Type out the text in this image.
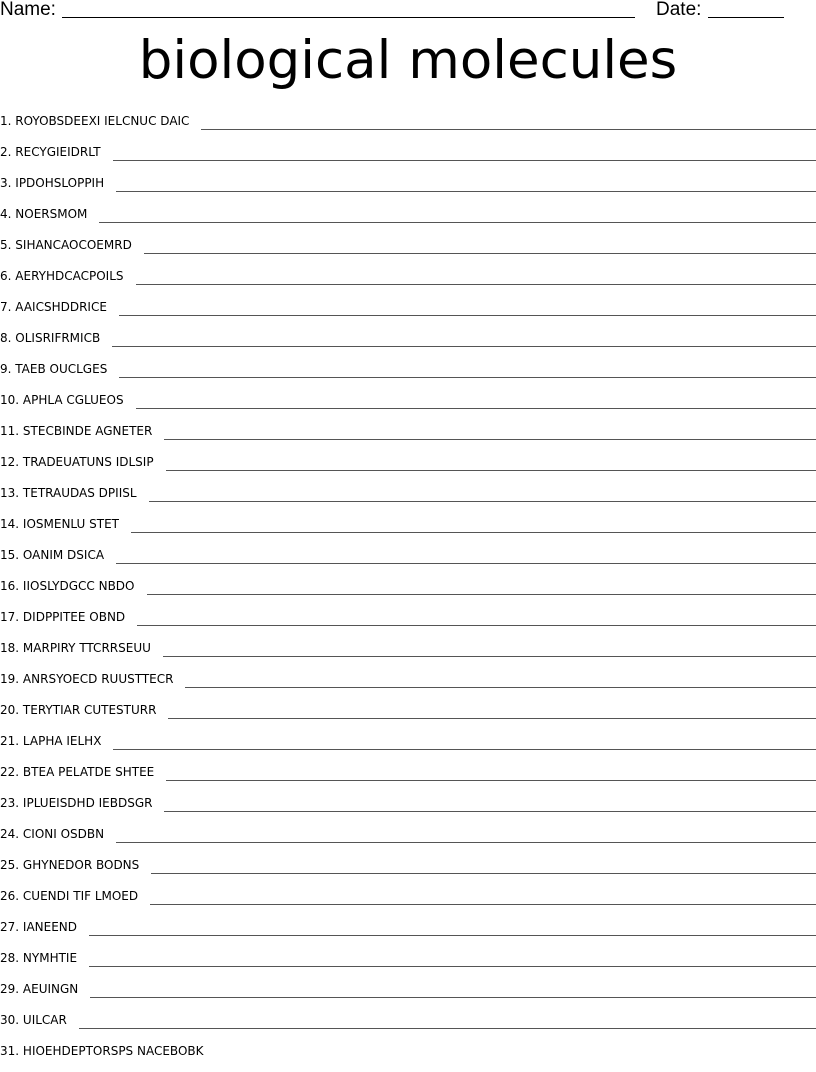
Name:	Date:
biological molecules
1. ROYOBSDEEXI IELCNUC DAIC
2. RECYGIEIDRLT
3. IPDOHSLOPPIH
4. NOERSMOM
5. SIHANCAOCOEMRD
6. AERYHDCACPOILS
7. AAICSHDDRICE
8. OLISRIFRMICB
9. TAEB OUCLGES
10. APHLA CGLUEOS
11. STECBINDE AGNETER
12. TRADEUATUNS IDLSIP
13. TETRAUDAS DPIISL
14. IOSMENLU STET
15. OANIM DSICA
16. IIOSLYDGCC NBDO
17. DIDPPITEE OBND
18. MARPIRY TTCRRSEUU
19. ANRSYOECD RUUSTTECR
20. TERYTIAR CUTESTURR
21. LAPHA IELHX
22. BTEA PELATDE SHTEE
23. IPLUEISDHD IEBDSGR
24. CIONI OSDBN
25. GHYNEDOR BODNS
26. CUENDI TIF LMOED
27. IANEEND
28. NYMHTIE
29. AEUINGN
30. UILCAR
31. HIOEHDEPTORSPS NACEBOBK
